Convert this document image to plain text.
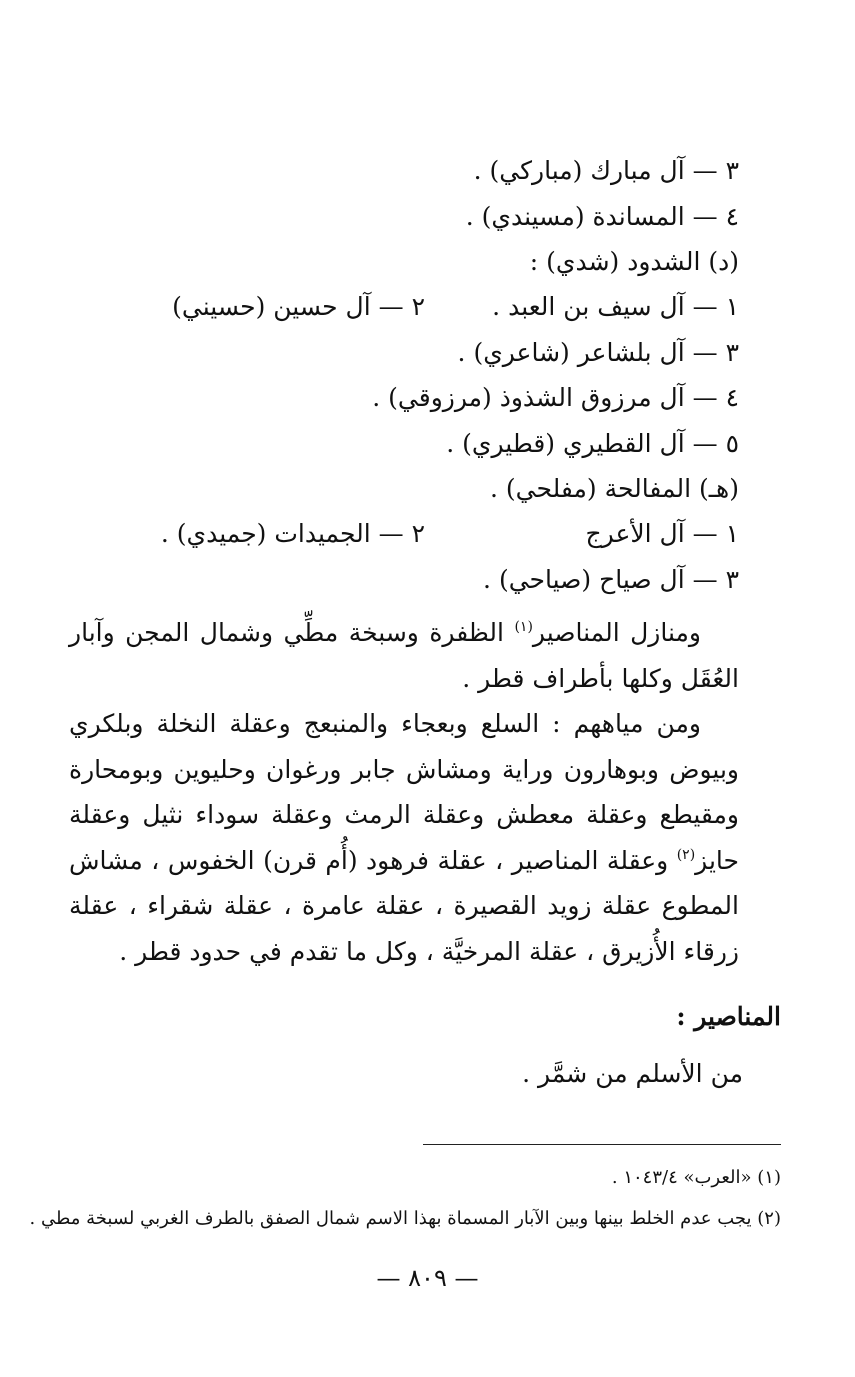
٣ — آل مبارك (مباركي) .
٤ — المساندة (مسيندي) .
(د) الشدود (شدي) :
١ — آل سيف بن العبد .
٢ — آل حسين (حسيني)
٣ — آل بلشاعر (شاعري) .
٤ — آل مرزوق الشذوذ (مرزوقي) .
٥ — آل القطيري (قطيري) .
(هـ) المفالحة (مفلحي) .
١ — آل الأعرج
٢ — الجميدات (جميدي) .
٣ — آل صياح (صياحي) .
ومنازل المناصير$^{(١)}$ الظفرة وسبخة مطِّي وشمال المجن وآبار العُقَل وكلها بأطراف قطر .
ومن مياههم : السلع وبعجاء والمنبعج وعقلة النخلة وبلكري وبيوض وبوهارون وراية ومشاش جابر ورغوان وحليوين وبومحارة ومقيطع وعقلة معطش وعقلة الرمث وعقلة سوداء نثيل وعقلة حايز$^{(٢)}$ وعقلة المناصير ، عقلة فرهود (أُم قرن) الخفوس ، مشاش المطوع عقلة زويد القصيرة ، عقلة عامرة ، عقلة شقراء ، عقلة زرقاء الأُزيرق ، عقلة المرخيَّة ، وكل ما تقدم في حدود قطر .
المناصير :
من الأسلم من شمَّر .
(١) «العرب» ١٠٤٣/٤ .
(٢) يجب عدم الخلط بينها وبين الآبار المسماة بهذا الاسم شمال الصفق بالطرف الغربي لسبخة مطي .
— ٨٠٩ —
